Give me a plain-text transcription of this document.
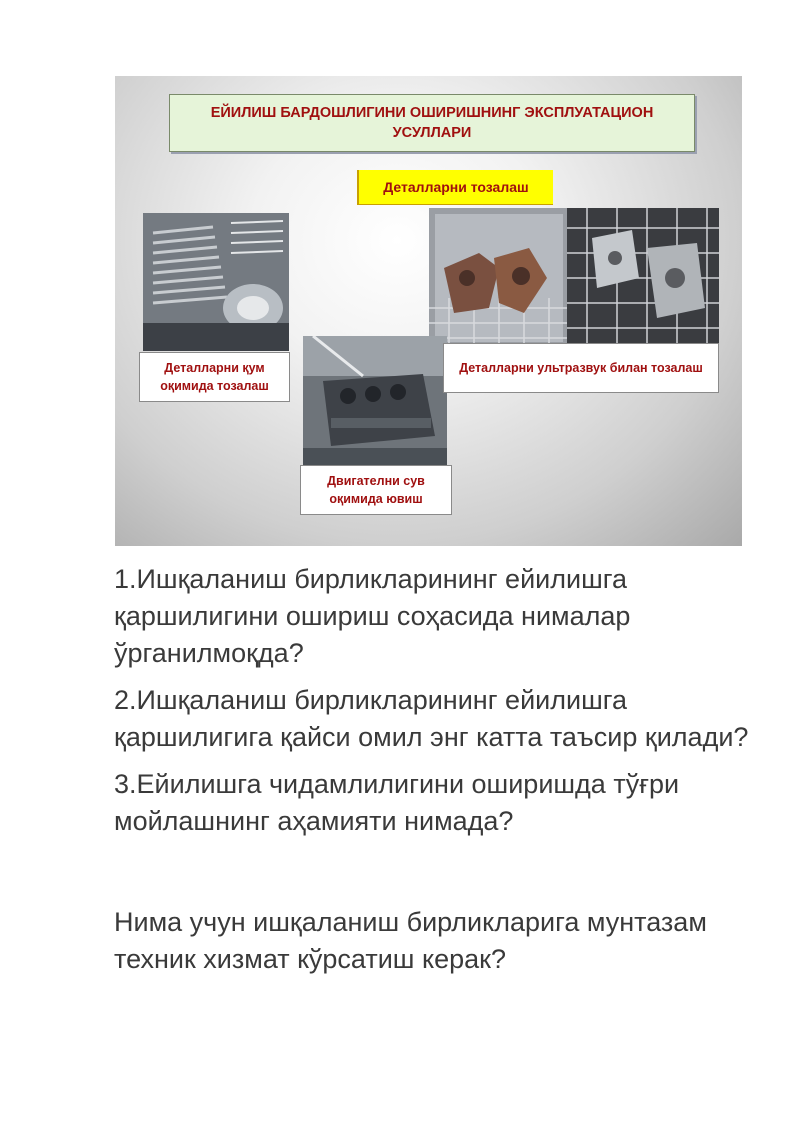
ЕЙИЛИШ БАРДОШЛИГИНИ ОШИРИШНИНГ ЭКСПЛУАТАЦИОН УСУЛЛАРИ
Деталларни тозалаш
Деталларни қум оқимида тозалаш
Деталларни ультразвук билан тозалаш
Двигателни сув оқимида ювиш

1.Ишқаланиш бирликларининг ейилишга қаршилигини ошириш соҳасида нималар ўрганилмоқда?

2.Ишқаланиш бирликларининг ейилишга қаршилигига қайси омил энг катта таъсир қилади?

3.Ейилишга чидамлилигини оширишда тўғри мойлашнинг аҳамияти нимада?

Нима учун ишқаланиш бирликларига мунтазам техник хизмат кўрсатиш керак?
